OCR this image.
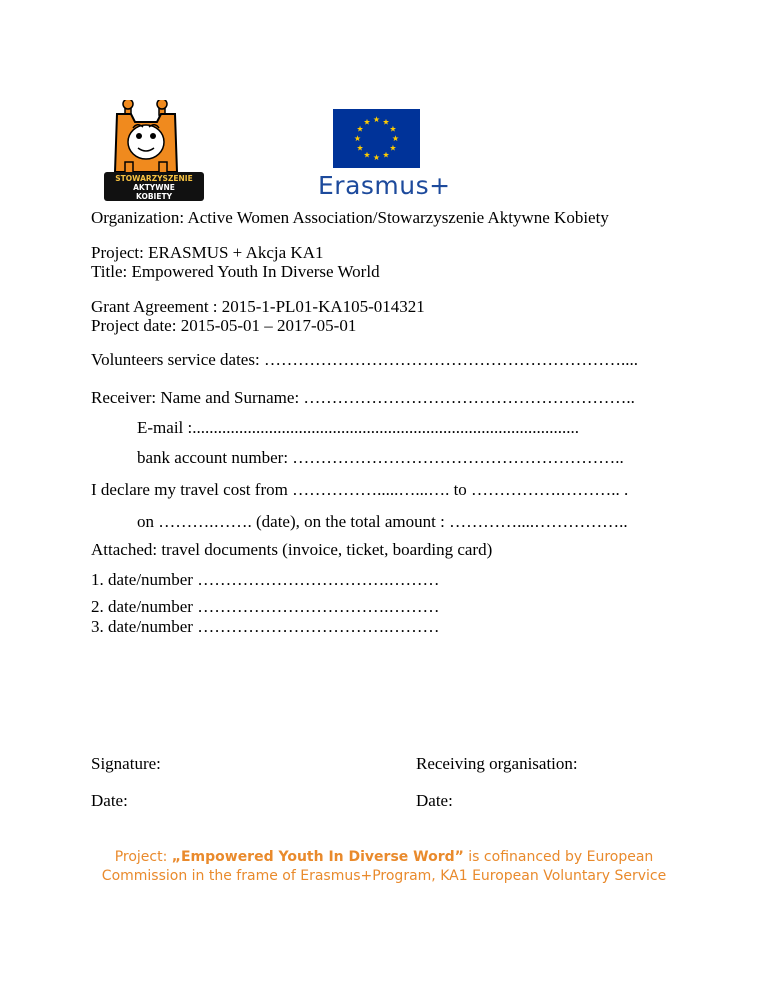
STOWARZYSZENIE
AKTYWNE
KOBIETY	Erasmus+
Organization: Active Women Association/Stowarzyszenie Aktywne Kobiety
Project: ERASMUS + Akcja KA1
Title: Empowered Youth In Diverse World
Grant Agreement : 2015-1-PL01-KA105-014321
Project date: 2015-05-01 – 2017-05-01
Volunteers service dates: ………………………………………………………....
Receiver: Name and Surname: …………………………………………………..
E-mail :...........................................................................................
bank account number: …………………………………………………..
I declare my travel cost from …………….....…...…. to …………….……….. .
on ……….……. (date), on the total amount : …………....……………..
Attached: travel documents (invoice, ticket, boarding card)
1. date/number …………………………….………
2. date/number …………………………….………
3. date/number …………………………….………
Signature:	Receiving organisation:
Date:	Date:
Project: „Empowered Youth In Diverse Word” is cofinanced by European
Commission in the frame of Erasmus+Program, KA1 European Voluntary Service
